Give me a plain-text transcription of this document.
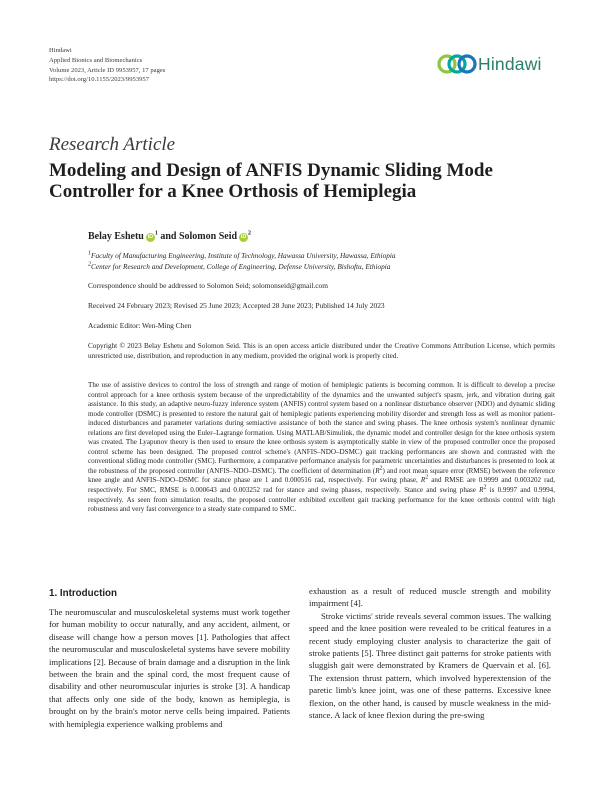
Hindawi
Applied Bionics and Biomechanics
Volume 2023, Article ID 9953957, 17 pages
https://doi.org/10.1155/2023/9953957
Hindawi
Research Article
Modeling and Design of ANFIS Dynamic Sliding Mode Controller for a Knee Orthosis of Hemiplegia
Belay Eshetu $iD^1$ and Solomon Seid $iD^2$
$^1$Faculty of Manufacturing Engineering, Institute of Technology, Hawassa University, Hawassa, Ethiopia
$^2$Center for Research and Development, College of Engineering, Defense University, Bishoftu, Ethiopia
Correspondence should be addressed to Solomon Seid; solomonseid@gmail.com
Received 24 February 2023; Revised 25 June 2023; Accepted 28 June 2023; Published 14 July 2023
Academic Editor: Wen-Ming Chen
Copyright © 2023 Belay Eshetu and Solomon Seid. This is an open access article distributed under the Creative Commons Attribution License, which permits unrestricted use, distribution, and reproduction in any medium, provided the original work is properly cited.
The use of assistive devices to control the loss of strength and range of motion of hemiplegic patients is becoming common. It is difficult to develop a precise control approach for a knee orthosis system because of the unpredictability of the dynamics and the unwanted subject's spasm, jerk, and vibration during gait assistance. In this study, an adaptive neuro-fuzzy inference system (ANFIS) control system based on a nonlinear disturbance observer (NDO) and dynamic sliding mode controller (DSMC) is presented to restore the natural gait of hemiplegic patients experiencing mobility disorder and strength loss as well as monitor patient-induced disturbances and parameter variations during semiactive assistance of both the stance and swing phases. The knee orthosis system's nonlinear dynamic relations are first developed using the Euler–Lagrange formation. Using MATLAB/Simulink, the dynamic model and controller design for the knee orthosis system was created. The Lyapunov theory is then used to ensure the knee orthosis system is asymptotically stable in view of the proposed controller once the proposed control scheme has been designed. The proposed control scheme's (ANFIS–NDO–DSMC) gait tracking performances are shown and contrasted with the conventional sliding mode controller (SMC). Furthermore, a comparative performance analysis for parametric uncertainties and disturbances is presented to look at the robustness of the proposed controller (ANFIS–NDO–DSMC). The coefficient of determination $(R^2)$ and root mean square error (RMSE) between the reference knee angle and ANFIS–NDO–DSMC for stance phase are 1 and 0.000516 rad, respectively. For swing phase, $R^2$ and RMSE are 0.9999 and 0.003202 rad, respectively. For SMC, RMSE is 0.000643 and 0.003252 rad for stance and swing phases, respectively. Stance and swing phase $R^2$ is 0.9997 and 0.9994, respectively. As seen from simulation results, the proposed controller exhibited excellent gait tracking performance for the knee orthosis control with high robustness and very fast convergence to a steady state compared to SMC.
1. Introduction

The neuromuscular and musculoskeletal systems must work together for human mobility to occur naturally, and any accident, ailment, or disease will change how a person moves [1]. Pathologies that affect the neuromuscular and musculoskeletal systems have severe mobility implications [2]. Because of brain damage and a disruption in the link between the brain and the spinal cord, the most frequent cause of disability and other neuromuscular injuries is stroke [3]. A handicap that affects only one side of the body, known as hemiplegia, is brought on by the brain's motor nerve cells being impaired. Patients with hemiplegia experience walking problems and

exhaustion as a result of reduced muscle strength and mobility impairment [4].

Stroke victims' stride reveals several common issues. The walking speed and the knee position were revealed to be critical features in a recent study employing cluster analysis to characterize the gait of stroke patients [5]. Three distinct gait patterns for stroke patients with sluggish gait were demonstrated by Kramers de Quervain et al. [6]. The extension thrust pattern, which involved hyperextension of the paretic limb's knee joint, was one of these patterns. Excessive knee flexion, on the other hand, is caused by muscle weakness in the mid-stance. A lack of knee flexion during the pre-swing
